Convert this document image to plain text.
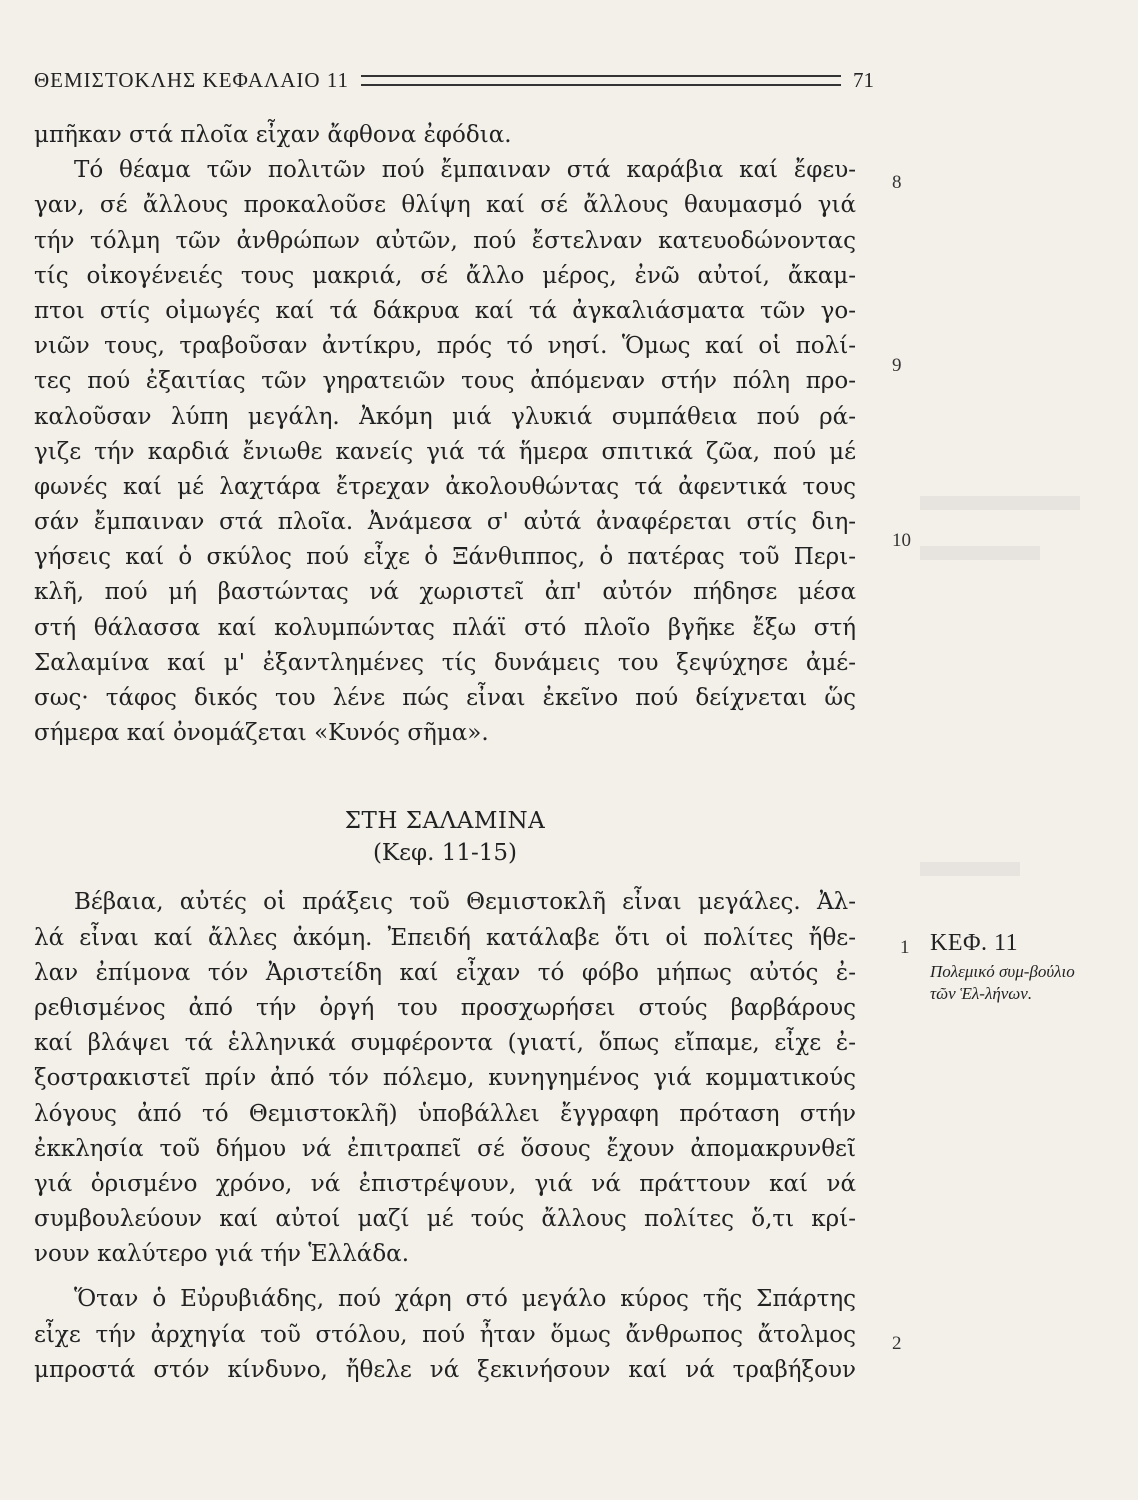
ΘΕΜΙΣΤΟΚΛΗΣ ΚΕΦΑΛΑΙΟ 11	71
μπῆκαν στά πλοῖα εἶχαν ἄφθονα ἐφόδια.
Τό θέαμα τῶν πολιτῶν πού ἔμπαιναν στά καράβια καί ἔφευ-
γαν, σέ ἄλλους προκαλοῦσε θλίψη καί σέ ἄλλους θαυμασμό γιά
τήν τόλμη τῶν ἀνθρώπων αὐτῶν, πού ἔστελναν κατευοδώνοντας
τίς οἰκογένειές τους μακριά, σέ ἄλλο μέρος, ἐνῶ αὐτοί, ἄκαμ-
πτοι στίς οἰμωγές καί τά δάκρυα καί τά ἀγκαλιάσματα τῶν γο-
νιῶν τους, τραβοῦσαν ἀντίκρυ, πρός τό νησί. Ὅμως καί οἱ πολί-
τες πού ἐξαιτίας τῶν γηρατειῶν τους ἀπόμεναν στήν πόλη προ-
καλοῦσαν λύπη μεγάλη. Ἀκόμη μιά γλυκιά συμπάθεια πού ρά-
γιζε τήν καρδιά ἔνιωθε κανείς γιά τά ἥμερα σπιτικά ζῶα, πού μέ
φωνές καί μέ λαχτάρα ἔτρεχαν ἀκολουθώντας τά ἀφεντικά τους
σάν ἔμπαιναν στά πλοῖα. Ἀνάμεσα σ' αὐτά ἀναφέρεται στίς διη-
γήσεις καί ὁ σκύλος πού εἶχε ὁ Ξάνθιππος, ὁ πατέρας τοῦ Περι-
κλῆ, πού μή βαστώντας νά χωριστεῖ ἀπ' αὐτόν πήδησε μέσα
στή θάλασσα καί κολυμπώντας πλάϊ στό πλοῖο βγῆκε ἔξω στή
Σαλαμίνα καί μ' ἐξαντλημένες τίς δυνάμεις του ξεψύχησε ἀμέ-
σως· τάφος δικός του λένε πώς εἶναι ἐκεῖνο πού δείχνεται ὥς
σήμερα καί ὀνομάζεται «Κυνός σῆμα».
ΣΤΗ ΣΑΛΑΜΙΝΑ
(Κεφ. 11-15)
Βέβαια, αὐτές οἱ πράξεις τοῦ Θεμιστοκλῆ εἶναι μεγάλες. Ἀλ-
λά εἶναι καί ἄλλες ἀκόμη. Ἐπειδή κατάλαβε ὅτι οἱ πολίτες ἤθε-
λαν ἐπίμονα τόν Ἀριστείδη καί εἶχαν τό φόβο μήπως αὐτός ἐ-
ρεθισμένος ἀπό τήν ὀργή του προσχωρήσει στούς βαρβάρους
καί βλάψει τά ἑλληνικά συμφέροντα (γιατί, ὅπως εἴπαμε, εἶχε ἐ-
ξοστρακιστεῖ πρίν ἀπό τόν πόλεμο, κυνηγημένος γιά κομματικούς
λόγους ἀπό τό Θεμιστοκλῆ) ὑποβάλλει ἔγγραφη πρόταση στήν
ἐκκλησία τοῦ δήμου νά ἐπιτραπεῖ σέ ὅσους ἔχουν ἀπομακρυνθεῖ
γιά ὁρισμένο χρόνο, νά ἐπιστρέψουν, γιά νά πράττουν καί νά
συμβουλεύουν καί αὐτοί μαζί μέ τούς ἄλλους πολίτες ὅ,τι κρί-
νουν καλύτερο γιά τήν Ἑλλάδα.
Ὅταν ὁ Εὐρυβιάδης, πού χάρη στό μεγάλο κύρος τῆς Σπάρτης
εἶχε τήν ἀρχηγία τοῦ στόλου, πού ἦταν ὅμως ἄνθρωπος ἄτολμος
μπροστά στόν κίνδυνο, ἤθελε νά ξεκινήσουν καί νά τραβήξουν
8
9
10
1
2
ΚΕΦ. 11
Πολεμικό συμ-βούλιο τῶν Ἑλ-λήνων.
